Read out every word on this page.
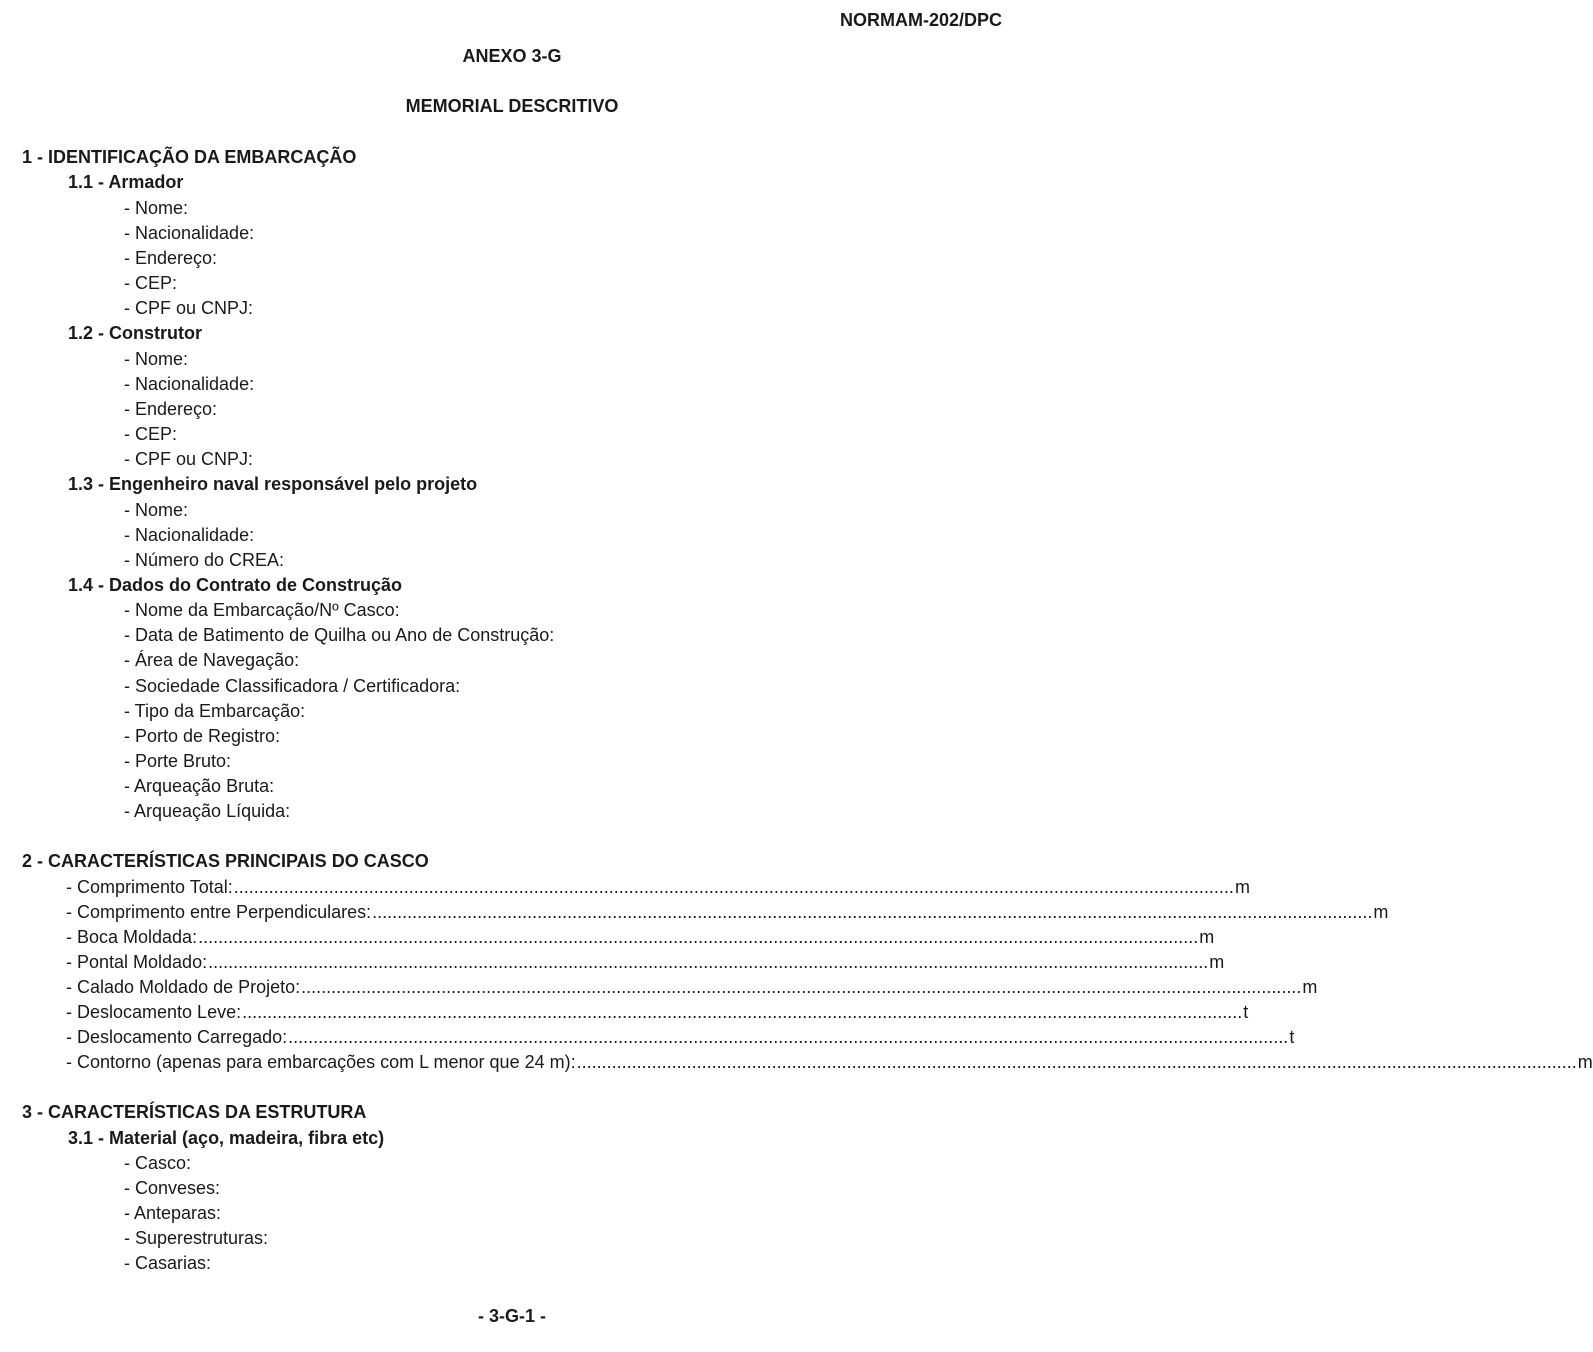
NORMAM-202/DPC
ANEXO 3-G
MEMORIAL DESCRITIVO
1 - IDENTIFICAÇÃO DA EMBARCAÇÃO
1.1 - Armador
- Nome:
- Nacionalidade:
- Endereço:
- CEP:
- CPF ou CNPJ:
1.2 - Construtor
- Nome:
- Nacionalidade:
- Endereço:
- CEP:
- CPF ou CNPJ:
1.3 - Engenheiro naval responsável pelo projeto
- Nome:
- Nacionalidade:
- Número do CREA:
1.4 - Dados do Contrato de Construção
- Nome da Embarcação/Nº Casco:
- Data de Batimento de Quilha ou Ano de Construção:
- Área de Navegação:
- Sociedade Classificadora / Certificadora:
- Tipo da Embarcação:
- Porto de Registro:
- Porte Bruto:
- Arqueação Bruta:
- Arqueação Líquida:
2 - CARACTERÍSTICAS PRINCIPAIS DO CASCO
- Comprimento Total: ........................................................................................................................................................................................................ m
- Comprimento entre Perpendiculares: ........................................................................................................................................................................................................ m
- Boca Moldada: ........................................................................................................................................................................................................ m
- Pontal Moldado: ........................................................................................................................................................................................................ m
- Calado Moldado de Projeto: ........................................................................................................................................................................................................ m
- Deslocamento Leve: ........................................................................................................................................................................................................ t
- Deslocamento Carregado: ........................................................................................................................................................................................................ t
- Contorno (apenas para embarcações com L menor que 24 m): ........................................................................................................................................................................................................ m
3 - CARACTERÍSTICAS DA ESTRUTURA
3.1 - Material (aço, madeira, fibra etc)
- Casco:
- Conveses:
- Anteparas:
- Superestruturas:
- Casarias:
- 3-G-1 -
